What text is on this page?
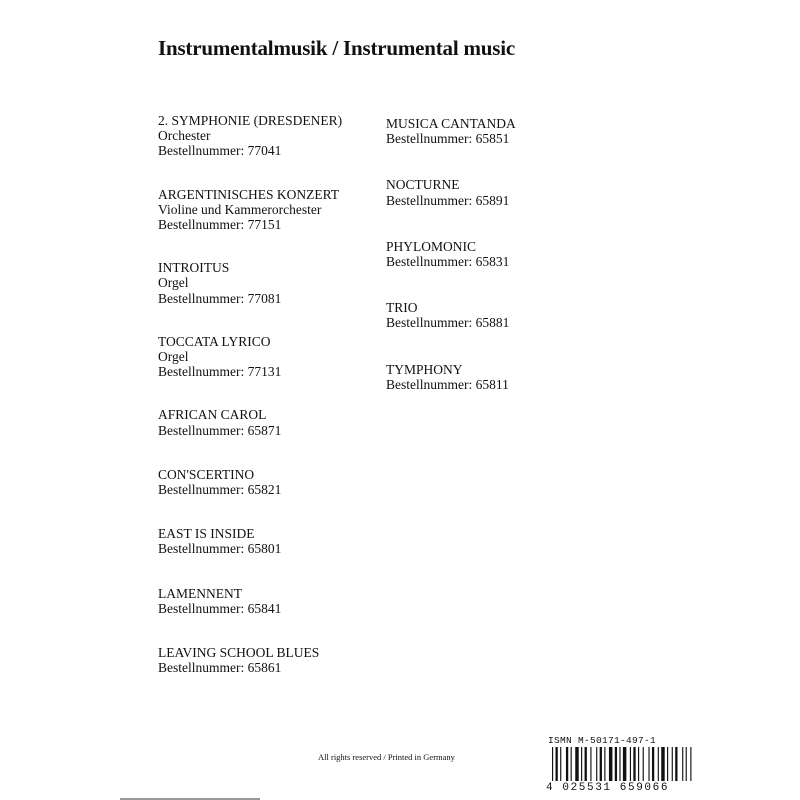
Instrumentalmusik / Instrumental music
2. SYMPHONIE (DRESDENER)
Orchester
Bestellnummer: 77041
ARGENTINISCHES KONZERT
Violine und Kammerorchester
Bestellnummer: 77151
INTROITUS
Orgel
Bestellnummer: 77081
TOCCATA LYRICO
Orgel
Bestellnummer: 77131
AFRICAN CAROL
Bestellnummer: 65871
CON'SCERTINO
Bestellnummer: 65821
EAST IS INSIDE
Bestellnummer: 65801
LAMENNENT
Bestellnummer: 65841
LEAVING SCHOOL BLUES
Bestellnummer: 65861
MUSICA CANTANDA
Bestellnummer: 65851
NOCTURNE
Bestellnummer: 65891
PHYLOMONIC
Bestellnummer: 65831
TRIO
Bestellnummer: 65881
TYMPHONY
Bestellnummer: 65811
All rights reserved / Printed in Germany
ISMN M-50171-497-1
4 025531 659066
